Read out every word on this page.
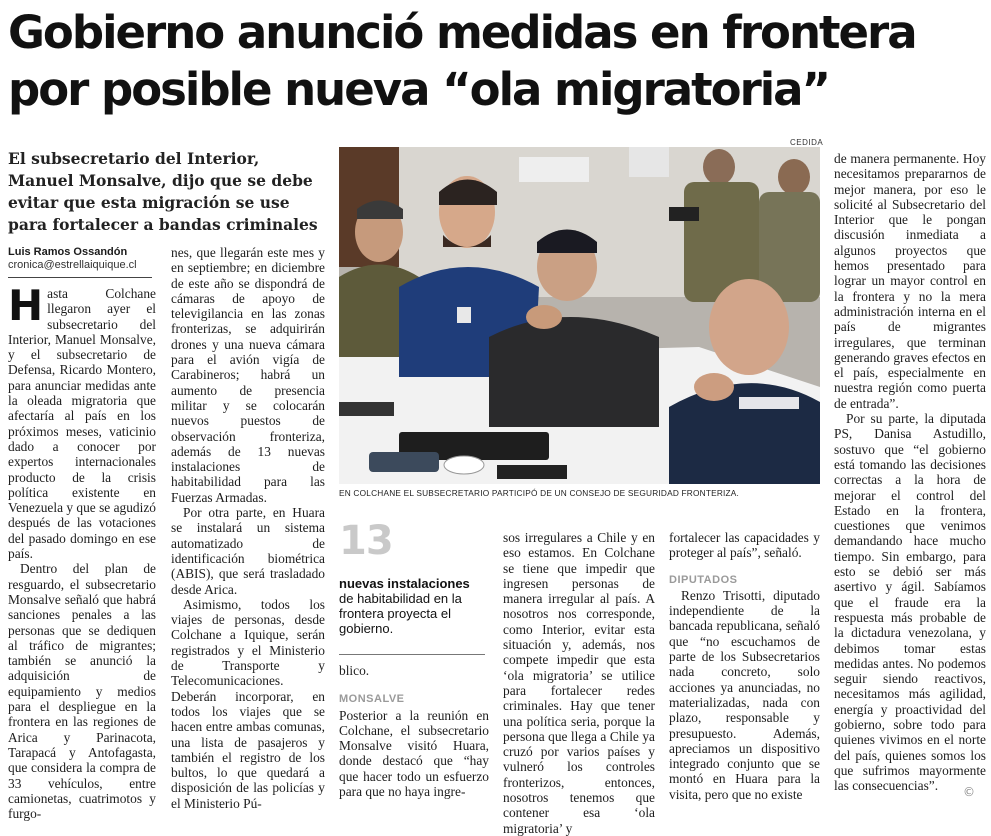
Gobierno anunció medidas en frontera
por posible nueva “ola migratoria”

El subsecretario del Interior, Manuel Monsalve, dijo que se debe evitar que esta migración se use para fortalecer a bandas criminales

Luis Ramos Ossandón
cronica@estrellaiquique.cl
CEDIDA
EN COLCHANE EL SUBSECRETARIO PARTICIPÓ DE UN CONSEJO DE SEGURIDAD FRONTERIZA.

Hasta Colchane llegaron ayer el subsecretario del Interior, Manuel Monsalve, y el subsecretario de Defensa, Ricardo Montero, para anunciar medidas ante la oleada migratoria que afectaría al país en los próximos meses, vaticinio dado a conocer por expertos internacionales producto de la crisis política existente en Venezuela y que se agudizó después de las votaciones del pasado domingo en ese país.

Dentro del plan de resguardo, el subsecretario Monsalve señaló que habrá sanciones penales a las personas que se dediquen al tráfico de migrantes; también se anunció la adquisición de equipamiento y medios para el despliegue en la frontera en las regiones de Arica y Parinacota, Tarapacá y Antofagasta, que considera la compra de 33 vehículos, entre camionetas, cuatrimotos y furgo-

nes, que llegarán este mes y en septiembre; en diciembre de este año se dispondrá de cámaras de apoyo de televigilancia en las zonas fronterizas, se adquirirán drones y una nueva cámara para el avión vigía de Carabineros; habrá un aumento de presencia militar y se colocarán nuevos puestos de observación fronteriza, además de 13 nuevas instalaciones de habitabilidad para las Fuerzas Armadas.

Por otra parte, en Huara se instalará un sistema automatizado de identificación biométrica (ABIS), que será trasladado desde Arica.

Asimismo, todos los viajes de personas, desde Colchane a Iquique, serán registrados y el Ministerio de Transporte y Telecomunicaciones. Deberán incorporar, en todos los viajes que se hacen entre ambas comunas, una lista de pasajeros y también el registro de los bultos, lo que quedará a disposición de las policías y el Ministerio Pú-

13
nuevas instalaciones de habitabilidad en la frontera proyecta el gobierno.

blico.

MONSALVE

Posterior a la reunión en Colchane, el subsecretario Monsalve visitó Huara, donde destacó que “hay que hacer todo un esfuerzo para que no haya ingre-

sos irregulares a Chile y en eso estamos. En Colchane se tiene que impedir que ingresen personas de manera irregular al país. A nosotros nos corresponde, como Interior, evitar esta situación y, además, nos compete impedir que esta ‘ola migratoria’ se utilice para fortalecer redes criminales. Hay que tener una política seria, porque la persona que llega a Chile ya cruzó por varios países y vulneró los controles fronterizos, entonces, nosotros tenemos que contener esa ‘ola migratoria’ y

fortalecer las capacidades y proteger al país”, señaló.

DIPUTADOS

Renzo Trisotti, diputado independiente de la bancada republicana, señaló que “no escuchamos de parte de los Subsecretarios nada concreto, solo acciones ya anunciadas, no materializadas, nada con plazo, responsable y presupuesto. Además, apreciamos un dispositivo integrado conjunto que se montó en Huara para la visita, pero que no existe

de manera permanente. Hoy necesitamos prepararnos de mejor manera, por eso le solicité al Subsecretario del Interior que le pongan discusión inmediata a algunos proyectos que hemos presentado para lograr un mayor control en la frontera y no la mera administración interna en el país de migrantes irregulares, que terminan generando graves efectos en el país, especialmente en nuestra región como puerta de entrada”.

Por su parte, la diputada PS, Danisa Astudillo, sostuvo que “el gobierno está tomando las decisiones correctas a la hora de mejorar el control del Estado en la frontera, cuestiones que venimos demandando hace mucho tiempo. Sin embargo, para esto se debió ser más asertivo y ágil. Sabíamos que el fraude era la respuesta más probable de la dictadura venezolana, y debimos tomar estas medidas antes. No podemos seguir siendo reactivos, necesitamos más agilidad, energía y proactividad del gobierno, sobre todo para quienes vivimos en el norte del país, quienes somos los que sufrimos mayormente las consecuencias”.	©
